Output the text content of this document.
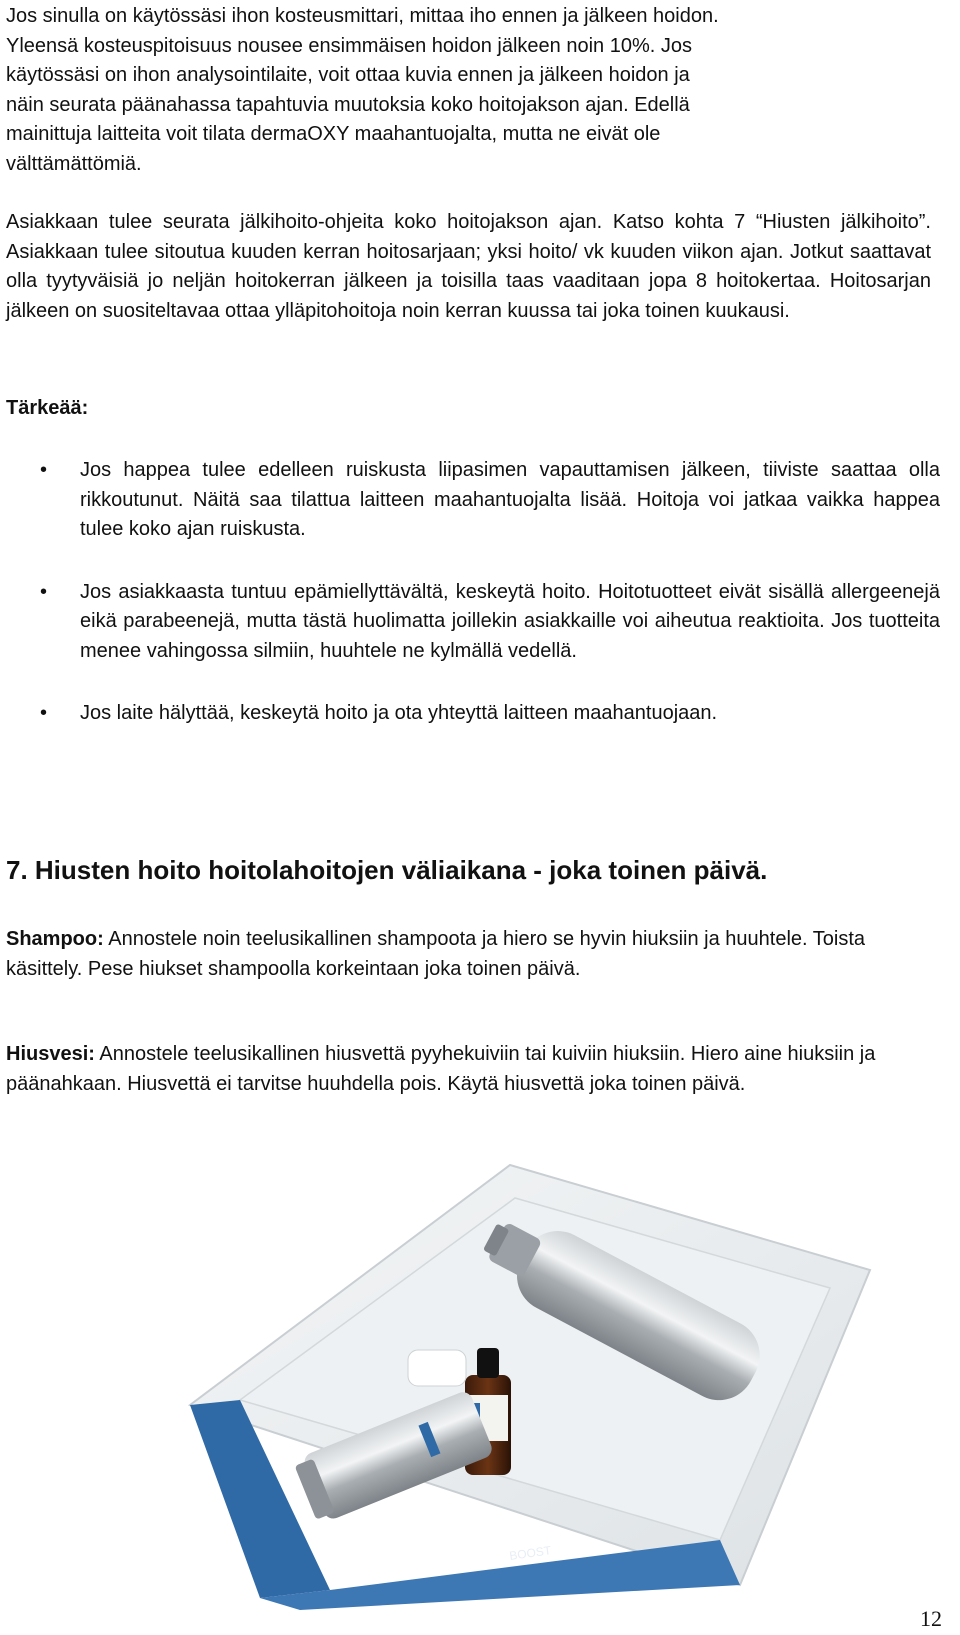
Jos sinulla on käytössäsi ihon kosteusmittari, mittaa iho ennen ja jälkeen hoidon.
Yleensä kosteuspitoisuus nousee ensimmäisen hoidon jälkeen noin 10%. Jos
käytössäsi on ihon analysointilaite, voit ottaa kuvia ennen ja jälkeen hoidon ja
näin seurata päänahassa tapahtuvia muutoksia koko hoitojakson ajan. Edellä
mainittuja laitteita voit tilata dermaOXY maahantuojalta, mutta ne eivät ole
välttämättömiä.

Asiakkaan tulee seurata jälkihoito-ohjeita koko hoitojakson ajan. Katso kohta 7 “Hiusten jälkihoito”. Asiakkaan tulee sitoutua kuuden kerran hoitosarjaan; yksi hoito/ vk kuuden viikon ajan. Jotkut saattavat olla tyytyväisiä jo neljän hoitokerran jälkeen ja toisilla taas vaaditaan jopa 8 hoitokertaa. Hoitosarjan jälkeen on suositeltavaa ottaa ylläpitohoitoja noin kerran kuussa tai joka toinen kuukausi.

Tärkeää:

• Jos happea tulee edelleen ruiskusta liipasimen vapauttamisen jälkeen, tiiviste saattaa olla rikkoutunut. Näitä saa tilattua laitteen maahantuojalta lisää. Hoitoja voi jatkaa vaikka happea tulee koko ajan ruiskusta.
• Jos asiakkaasta tuntuu epämiellyttävältä, keskeytä hoito. Hoitotuotteet eivät sisällä allergeenejä eikä parabeenejä, mutta tästä huolimatta joillekin asiakkaille voi aiheutua reaktioita. Jos tuotteita menee vahingossa silmiin, huuhtele ne kylmällä vedellä.
• Jos laite hälyttää, keskeytä hoito ja ota yhteyttä laitteen maahantuojaan.

7. Hiusten hoito hoitolahoitojen väliaikana - joka toinen päivä.

Shampoo: Annostele noin teelusikallinen shampoota ja hiero se hyvin hiuksiin ja huuhtele. Toista käsittely. Pese hiukset shampoolla korkeintaan joka toinen päivä.

Hiusvesi: Annostele teelusikallinen hiusvettä pyyhekuiviin tai kuiviin hiuksiin. Hiero aine hiuksiin ja päänahkaan. Hiusvettä ei tarvitse huuhdella pois. Käytä hiusvettä joka toinen päivä.

BOOST

12
